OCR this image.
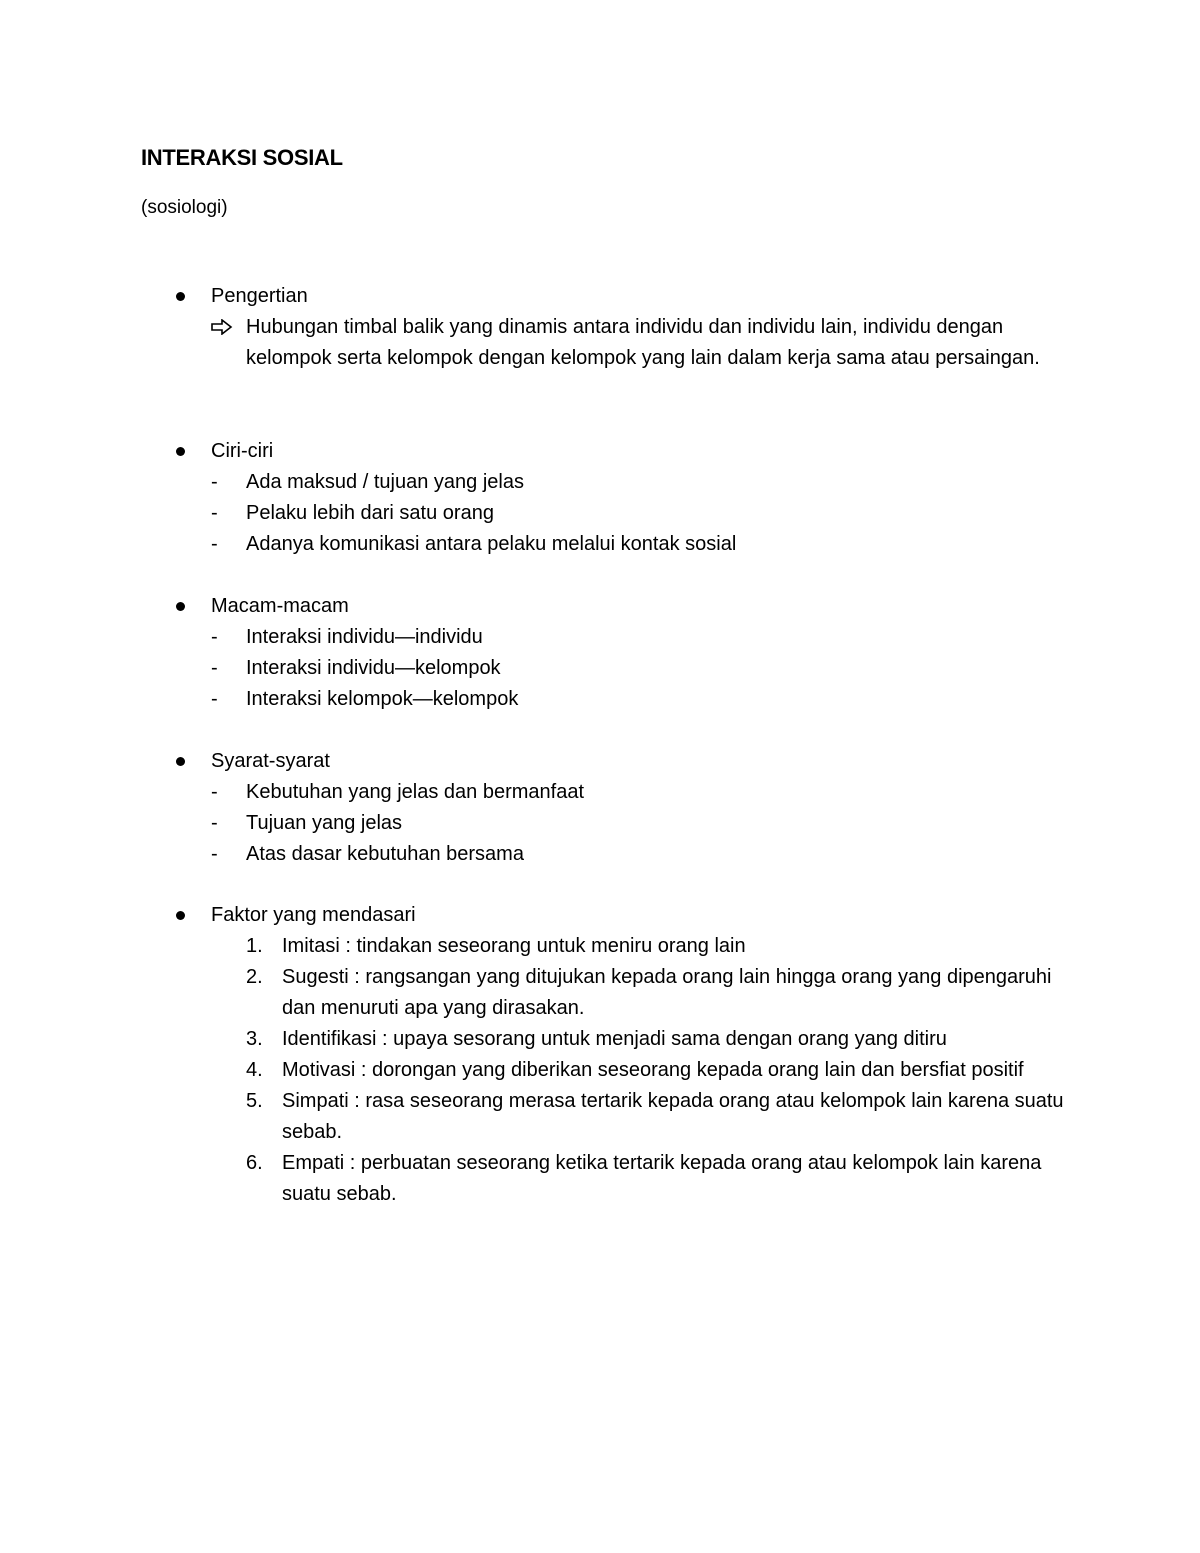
INTERAKSI SOSIAL
(sosiologi)
Pengertian
Hubungan timbal balik yang dinamis antara individu dan individu lain, individu dengan kelompok serta kelompok dengan kelompok yang lain dalam kerja sama atau persaingan.
Ciri-ciri
- Ada maksud / tujuan yang jelas
- Pelaku lebih dari satu orang
- Adanya komunikasi antara pelaku melalui kontak sosial
Macam-macam
- Interaksi individu—individu
- Interaksi individu—kelompok
- Interaksi kelompok—kelompok
Syarat-syarat
- Kebutuhan yang jelas dan bermanfaat
- Tujuan yang jelas
- Atas dasar kebutuhan bersama
Faktor yang mendasari
1. Imitasi : tindakan seseorang untuk meniru orang lain
2. Sugesti : rangsangan yang ditujukan kepada orang lain hingga orang yang dipengaruhi dan menuruti apa yang dirasakan.
3. Identifikasi : upaya sesorang untuk menjadi sama dengan orang yang ditiru
4. Motivasi : dorongan yang diberikan seseorang kepada orang lain dan bersfiat positif
5. Simpati : rasa seseorang merasa tertarik kepada orang atau kelompok lain karena suatu sebab.
6. Empati : perbuatan seseorang ketika tertarik kepada orang atau kelompok lain karena suatu sebab.
